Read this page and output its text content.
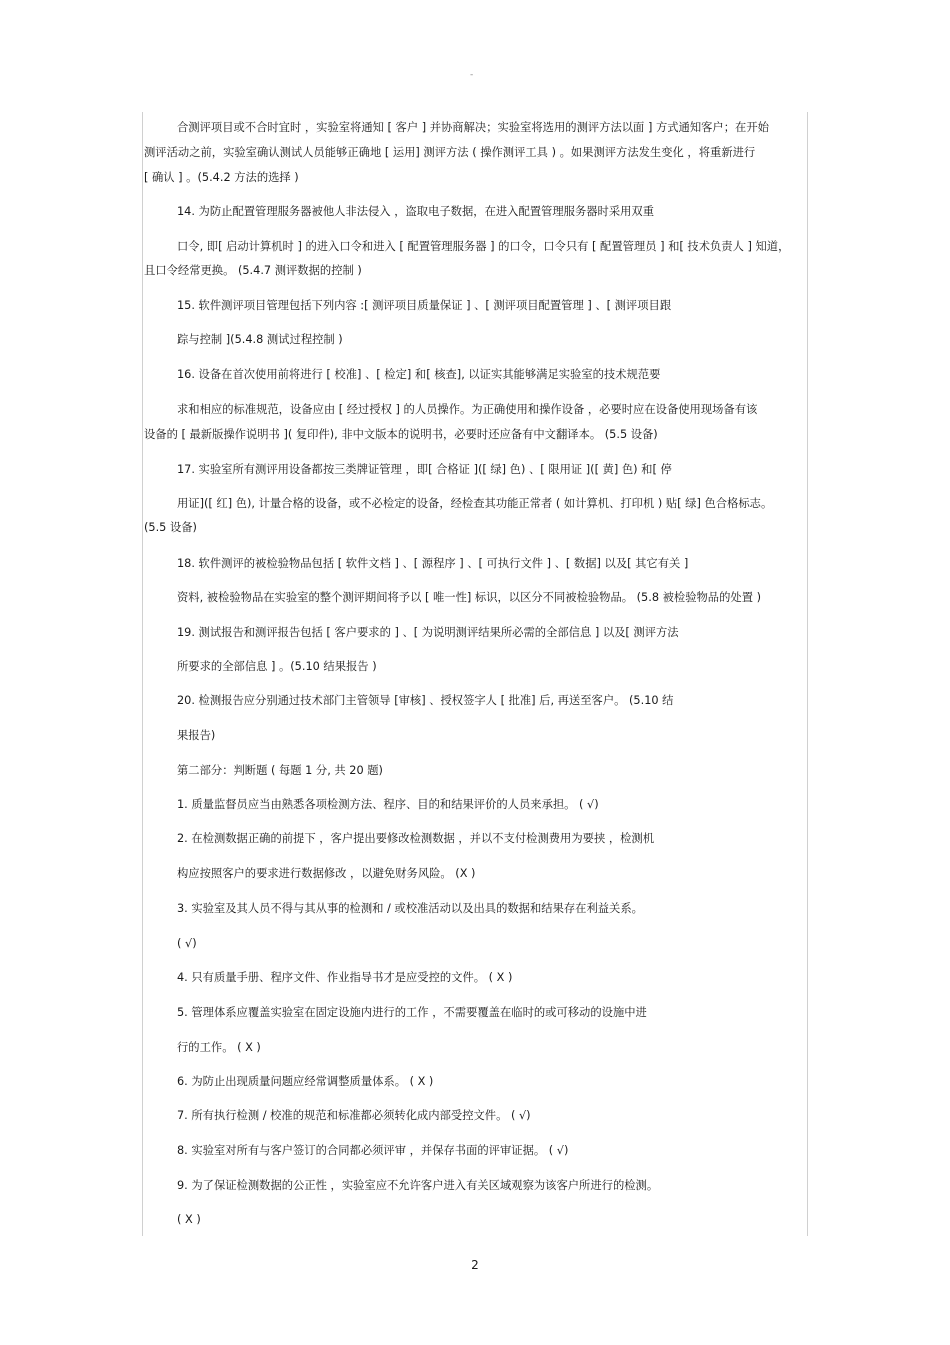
-
合测评项目或不合时宜时 ，实验室将通知 [ 客户 ] 并协商解决；实验室将选用的测评方法以面 ] 方式通知客户；在开始
测评活动之前，实验室确认测试人员能够正确地 [ 运用] 测评方法 ( 操作测评工具 ) 。如果测评方法发生变化 ，将重新进行
[ 确认 ] 。(5.4.2 方法的选择 )
14. 为防止配置管理服务器被他人非法侵入 ，盗取电子数据，在进入配置管理服务器时采用双重
口令, 即[ 启动计算机时 ] 的进入口令和进入 [ 配置管理服务器 ] 的口令，口令只有 [ 配置管理员 ] 和[ 技术负责人 ] 知道，
且口令经常更换。 (5.4.7 测评数据的控制 )
15. 软件测评项目管理包括下列内容 :[ 测评项目质量保证 ] 、[ 测评项目配置管理 ] 、[ 测评项目跟
踪与控制 ](5.4.8 测试过程控制 )
16. 设备在首次使用前将进行 [ 校准] 、[ 检定] 和[ 核查], 以证实其能够满足实验室的技术规范要
求和相应的标准规范，设备应由 [ 经过授权 ] 的人员操作。为正确使用和操作设备 ，必要时应在设备使用现场备有该
设备的 [ 最新版操作说明书 ]( 复印件), 非中文版本的说明书，必要时还应备有中文翻译本。 (5.5 设备)
17. 实验室所有测评用设备都按三类牌证管理 ，即[ 合格证 ]([ 绿] 色) 、[ 限用证 ]([ 黄] 色) 和[ 停
用证]([ 红] 色), 计量合格的设备，或不必检定的设备，经检查其功能正常者 ( 如计算机、打印机 ) 贴[ 绿] 色合格标志。
(5.5 设备)
18. 软件测评的被检验物品包括 [ 软件文档 ] 、[ 源程序 ] 、[ 可执行文件 ] 、[ 数据] 以及[ 其它有关 ]
资料, 被检验物品在实验室的整个测评期间将予以 [ 唯一性] 标识，以区分不同被检验物品。 (5.8 被检验物品的处置 )
19. 测试报告和测评报告包括 [ 客户要求的 ] 、[ 为说明测评结果所必需的全部信息 ] 以及[ 测评方法
所要求的全部信息 ] 。(5.10 结果报告 )
20. 检测报告应分别通过技术部门主管领导 [审核] 、授权签字人 [ 批准] 后, 再送至客户。 (5.10 结
果报告)
第二部分：判断题 ( 每题 1 分, 共 20 题)
1. 质量监督员应当由熟悉各项检测方法、程序、目的和结果评价的人员来承担。 ( √)
2. 在检测数据正确的前提下 ，客户提出要修改检测数据 ，并以不支付检测费用为要挟 ，检测机
构应按照客户的要求进行数据修改 ，以避免财务风险。 (X )
3. 实验室及其人员不得与其从事的检测和 / 或校准活动以及出具的数据和结果存在利益关系。
( √)
4. 只有质量手册、程序文件、作业指导书才是应受控的文件。 ( X )
5. 管理体系应覆盖实验室在固定设施内进行的工作 ，不需要覆盖在临时的或可移动的设施中进
行的工作。 ( X )
6. 为防止出现质量问题应经常调整质量体系。 ( X )
7. 所有执行检测 / 校准的规范和标准都必须转化成内部受控文件。 ( √)
8. 实验室对所有与客户签订的合同都必须评审 ，并保存书面的评审证据。 ( √)
9. 为了保证检测数据的公正性 ，实验室应不允许客户进入有关区域观察为该客户所进行的检测。
( X )
2
